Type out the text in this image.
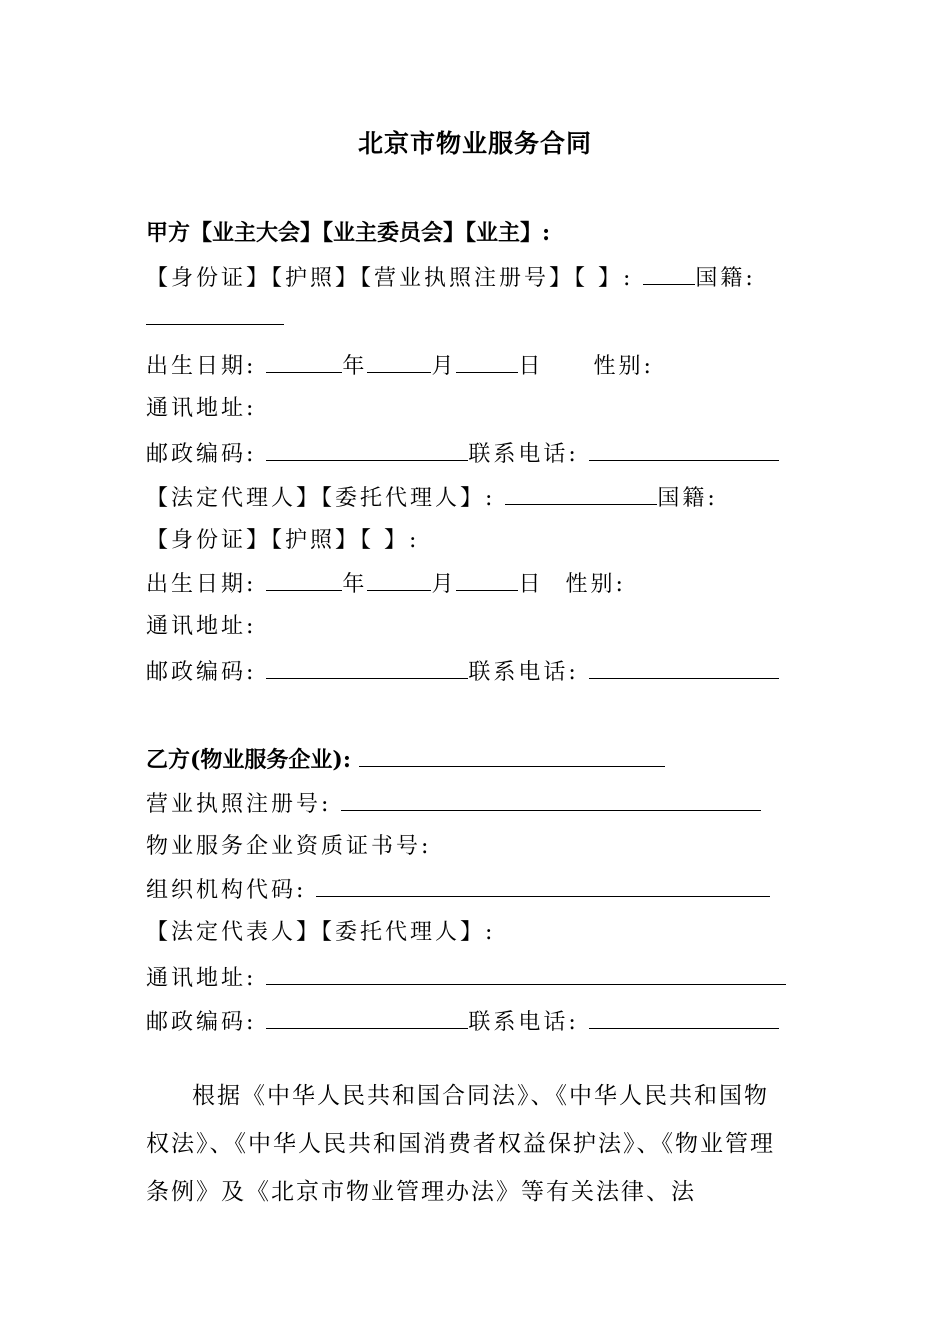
北京市物业服务合同
甲方【业主大会】【业主委员会】【业主】:
【身份证】【护照】【营业执照注册号】【 】:	国籍:
出生日期:	年	月	日 性别:
通讯地址:
邮政编码:	联系电话:
【法定代理人】【委托代理人】:	国籍:
【身份证】【护照】【 】:
出生日期:	年	月	日 性别:
通讯地址:
邮政编码:	联系电话:
乙方(物业服务企业):
营业执照注册号:
物业服务企业资质证书号:
组织机构代码:
【法定代表人】【委托代理人】:
通讯地址:
邮政编码:	联系电话:
根据《中华人民共和国合同法》、《中华人民共和国物权法》、《中华人民共和国消费者权益保护法》、《物业管理条例》及《北京市物业管理办法》等有关法律、法
